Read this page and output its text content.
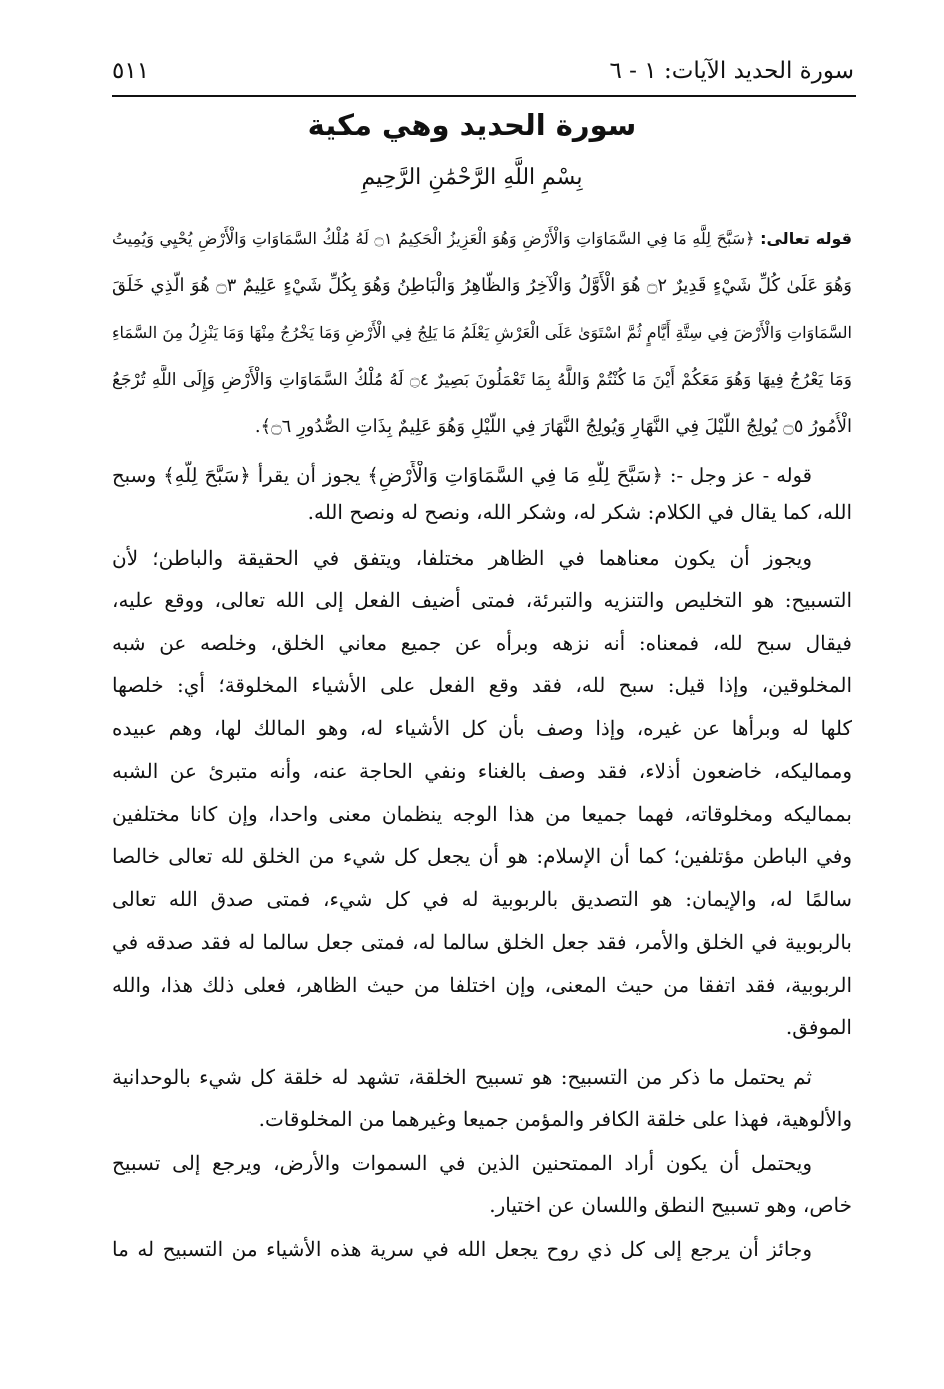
سورة الحديد الآيات: ١ - ٦
٥١١
سورة الحديد وهي مكية
بِسْمِ اللَّهِ الرَّحْمَٰنِ الرَّحِيمِ
قوله تعالى: ﴿سَبَّحَ لِلَّهِ مَا فِي السَّمَاوَاتِ وَالْأَرْضِ وَهُوَ الْعَزِيزُ الْحَكِيمُ ۝١ لَهُ مُلْكُ السَّمَاوَاتِ وَالْأَرْضِ يُحْيِي وَيُمِيتُ
وَهُوَ عَلَىٰ كُلِّ شَيْءٍ قَدِيرٌ ۝٢ هُوَ الْأَوَّلُ وَالْآخِرُ وَالظَّاهِرُ وَالْبَاطِنُ وَهُوَ بِكُلِّ شَيْءٍ عَلِيمٌ ۝٣ هُوَ الَّذِي خَلَقَ
السَّمَاوَاتِ وَالْأَرْضَ فِي سِتَّةِ أَيَّامٍ ثُمَّ اسْتَوَىٰ عَلَى الْعَرْشِ يَعْلَمُ مَا يَلِجُ فِي الْأَرْضِ وَمَا يَخْرُجُ مِنْهَا وَمَا يَنْزِلُ مِنَ السَّمَاءِ
وَمَا يَعْرُجُ فِيهَا وَهُوَ مَعَكُمْ أَيْنَ مَا كُنْتُمْ وَاللَّهُ بِمَا تَعْمَلُونَ بَصِيرٌ ۝٤ لَهُ مُلْكُ السَّمَاوَاتِ وَالْأَرْضِ وَإِلَى اللَّهِ تُرْجَعُ
الْأُمُورُ ۝٥ يُولِجُ اللَّيْلَ فِي النَّهَارِ وَيُولِجُ النَّهَارَ فِي اللَّيْلِ وَهُوَ عَلِيمٌ بِذَاتِ الصُّدُورِ ۝٦﴾.
قوله - عز وجل -: ﴿سَبَّحَ لِلَّهِ مَا فِي السَّمَاوَاتِ وَالْأَرْضِ﴾ يجوز أن يقرأ ﴿سَبَّحَ لِلَّهِ﴾ وسبح
الله، كما يقال في الكلام: شكر له، وشكر الله، ونصح له ونصح الله.
ويجوز أن يكون معناهما في الظاهر مختلفا، ويتفق في الحقيقة والباطن؛ لأن
التسبيح: هو التخليص والتنزيه والتبرئة، فمتى أضيف الفعل إلى الله تعالى، ووقع عليه،
فيقال سبح لله، فمعناه: أنه نزهه وبرأه عن جميع معاني الخلق، وخلصه عن شبه
المخلوقين، وإذا قيل: سبح لله، فقد وقع الفعل على الأشياء المخلوقة؛ أي: خلصها
كلها له وبرأها عن غيره، وإذا وصف بأن كل الأشياء له، وهو المالك لها، وهم عبيده
ومماليكه، خاضعون أذلاء، فقد وصف بالغناء ونفي الحاجة عنه، وأنه متبرئ عن الشبه
بمماليكه ومخلوقاته، فهما جميعا من هذا الوجه ينظمان معنى واحدا، وإن كانا مختلفين
وفي الباطن مؤتلفين؛ كما أن الإسلام: هو أن يجعل كل شيء من الخلق لله تعالى خالصا
سالمًا له، والإيمان: هو التصديق بالربوبية له في كل شيء، فمتى صدق الله تعالى
بالربوبية في الخلق والأمر، فقد جعل الخلق سالما له، فمتى جعل سالما له فقد صدقه في
الربوبية، فقد اتفقا من حيث المعنى، وإن اختلفا من حيث الظاهر، فعلى ذلك هذا، والله
الموفق.
ثم يحتمل ما ذكر من التسبيح: هو تسبيح الخلقة، تشهد له خلقة كل شيء بالوحدانية
والألوهية، فهذا على خلقة الكافر والمؤمن جميعا وغيرهما من المخلوقات.
ويحتمل أن يكون أراد الممتحنين الذين في السموات والأرض، ويرجع إلى تسبيح
خاص، وهو تسبيح النطق واللسان عن اختيار.
وجائز أن يرجع إلى كل ذي روح يجعل الله في سرية هذه الأشياء من التسبيح له ما
